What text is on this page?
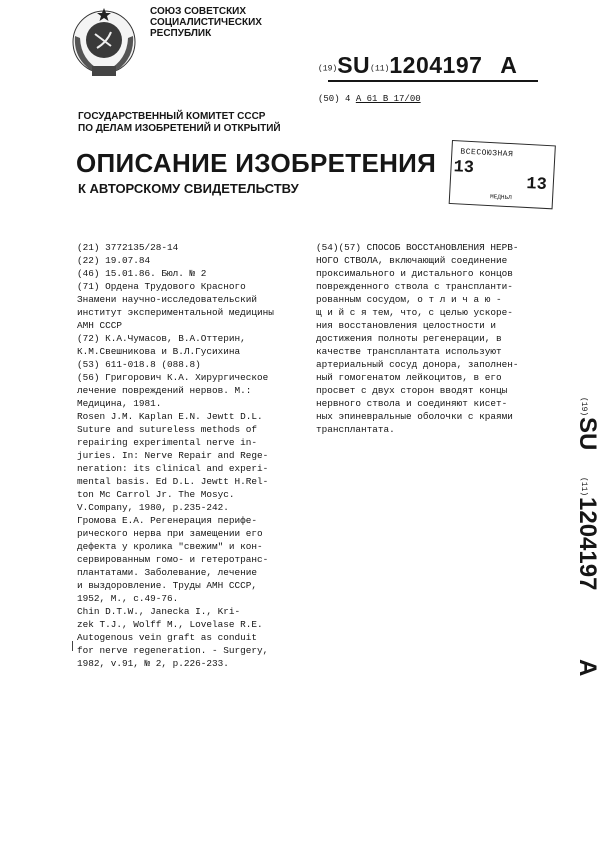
СОЮЗ СОВЕТСКИХ
СОЦИАЛИСТИЧЕСКИХ
РЕСПУБЛИК
(19)SU(11)1204197 A
(50) 4 A 61 B 17/00
ГОСУДАРСТВЕННЫЙ КОМИТЕТ СССР
ПО ДЕЛАМ ИЗОБРЕТЕНИЙ И ОТКРЫТИЙ
ОПИСАНИЕ ИЗОБРЕТЕНИЯ
К АВТОРСКОМУ СВИДЕТЕЛЬСТВУ
ВСЕСОЮЗНАЯ
13
13
МЕДНЬЛ
(21) 3772135/28-14
(22) 19.07.84
(46) 15.01.86. Бюл. № 2
(71) Ордена Трудового Красного
Знамени научно-исследовательский
институт экспериментальной медицины
АМН СССР
(72) К.А.Чумасов, В.А.Оттерин,
К.М.Свешникова и В.Л.Гусихина
(53) 611-018.8 (088.8)
(56) Григорович К.А. Хирургическое
лечение повреждений нервов. М.:
Медицина, 1981.
Rosen J.M. Kaplan E.N. Jewtt D.L.
Suture and sutureless methods of
repairing experimental nerve in-
juries. In: Nerve Repair and Rege-
neration: its clinical and experi-
mental basis. Ed D.L. Jewtt H.Rel-
ton Mc Carrol Jr. The Mosyc.
V.Company, 1980, p.235-242.
Громова Е.А. Регенерация перифе-
рического нерва при замещении его
дефекта у кролика "свежим" и кон-
сервированным гомо- и гетеротранс-
плантатами. Заболевание, лечение
и выздоровление. Труды АМН СССР,
1952, М., с.49-76.
Chin D.T.W., Janecka I., Kri-
zek T.J., Wolff M., Lovelase R.E.
Autogenous vein graft as conduit
for nerve regeneration. - Surgery,
1982, v.91, № 2, p.226-233.
(54)(57) СПОСОБ ВОССТАНОВЛЕНИЯ НЕРВ-
НОГО СТВОЛА, включающий соединение
проксимального и дистального концов
поврежденного ствола с транспланти-
рованным сосудом, о т л и ч а ю -
щ и й с я тем, что, с целью ускоре-
ния восстановления целостности и
достижения полноты регенерации, в
качестве трансплантата используют
артериальный сосуд донора, заполнен-
ный гомогенатом лейкоцитов, в его
просвет с двух сторон вводят концы
нервного ствола и соединяют кисет-
ных эпиневральные оболочки с краями
трансплантата.
(19)
SU
(11)
1204197
A
